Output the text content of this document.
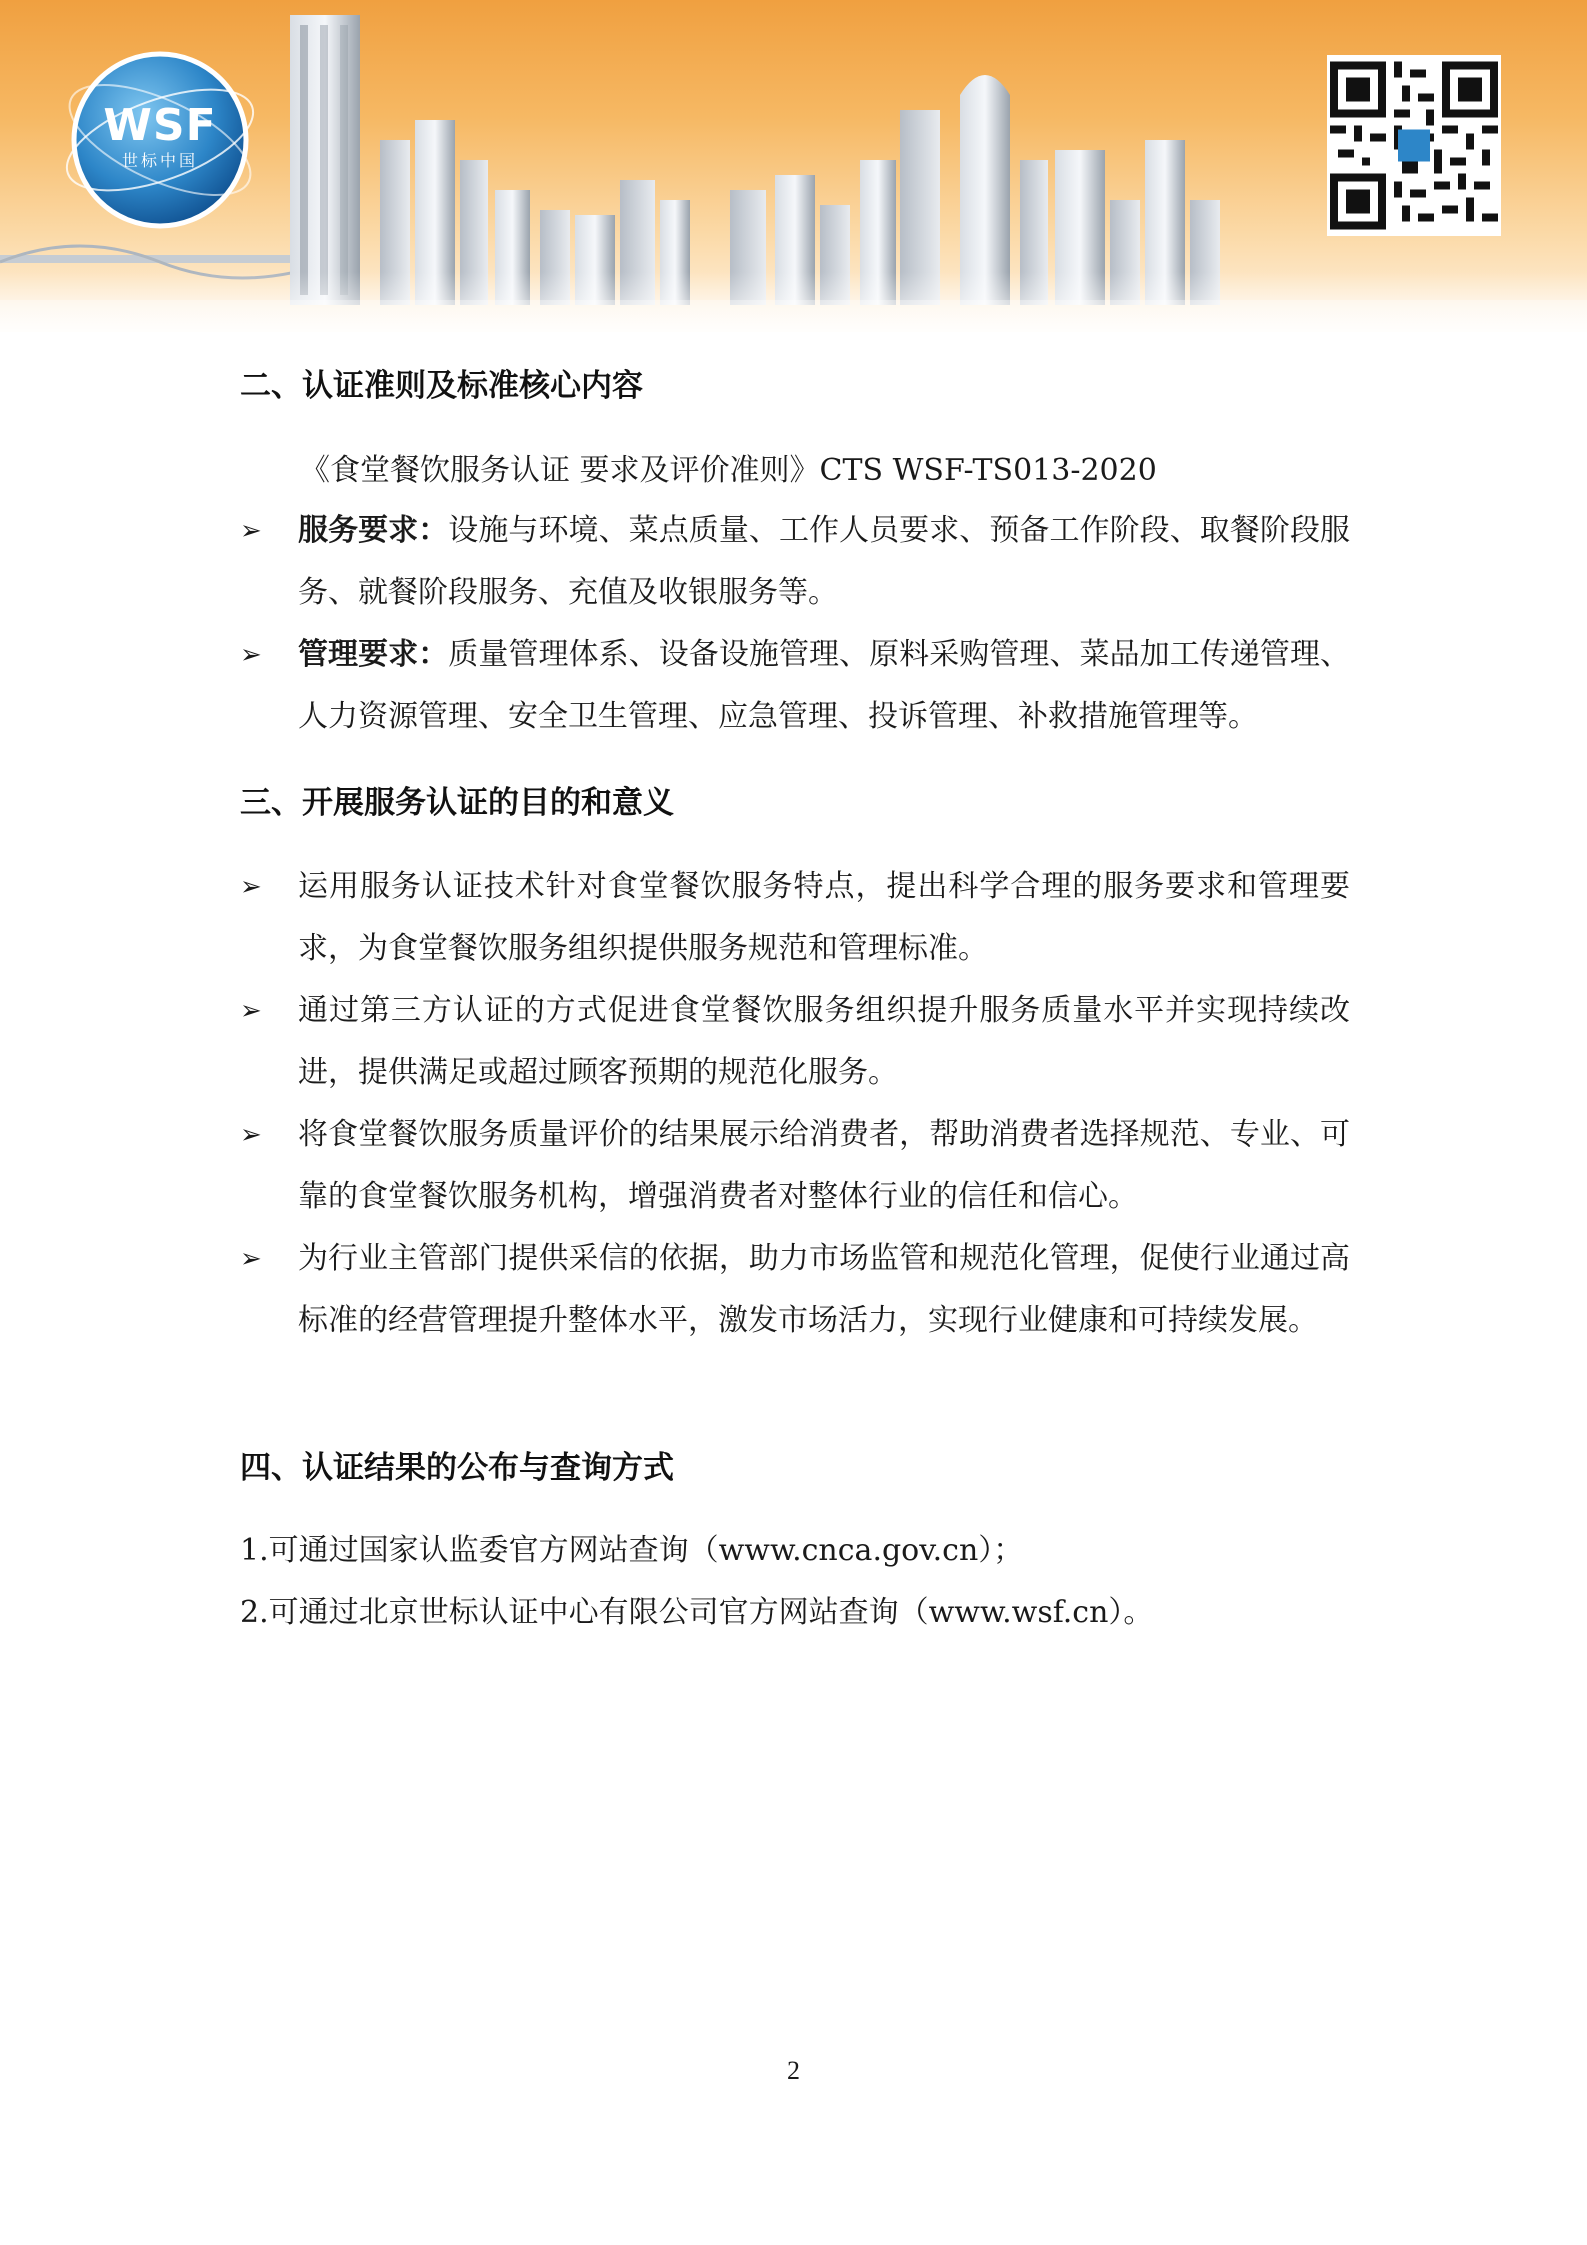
WSF
世标中国
二、认证准则及标准核心内容
《食堂餐饮服务认证 要求及评价准则》CTS WSF-TS013-2020
➢	服务要求：设施与环境、菜点质量、工作人员要求、预备工作阶段、取餐阶段服务、就餐阶段服务、充值及收银服务等。
➢	管理要求：质量管理体系、设备设施管理、原料采购管理、菜品加工传递管理、人力资源管理、安全卫生管理、应急管理、投诉管理、补救措施管理等。
三、开展服务认证的目的和意义
➢	运用服务认证技术针对食堂餐饮服务特点，提出科学合理的服务要求和管理要求，为食堂餐饮服务组织提供服务规范和管理标准。
➢	通过第三方认证的方式促进食堂餐饮服务组织提升服务质量水平并实现持续改进，提供满足或超过顾客预期的规范化服务。
➢	将食堂餐饮服务质量评价的结果展示给消费者，帮助消费者选择规范、专业、可靠的食堂餐饮服务机构，增强消费者对整体行业的信任和信心。
➢	为行业主管部门提供采信的依据，助力市场监管和规范化管理，促使行业通过高标准的经营管理提升整体水平，激发市场活力，实现行业健康和可持续发展。
四、认证结果的公布与查询方式
1.可通过国家认监委官方网站查询（www.cnca.gov.cn）；
2.可通过北京世标认证中心有限公司官方网站查询（www.wsf.cn）。
2
